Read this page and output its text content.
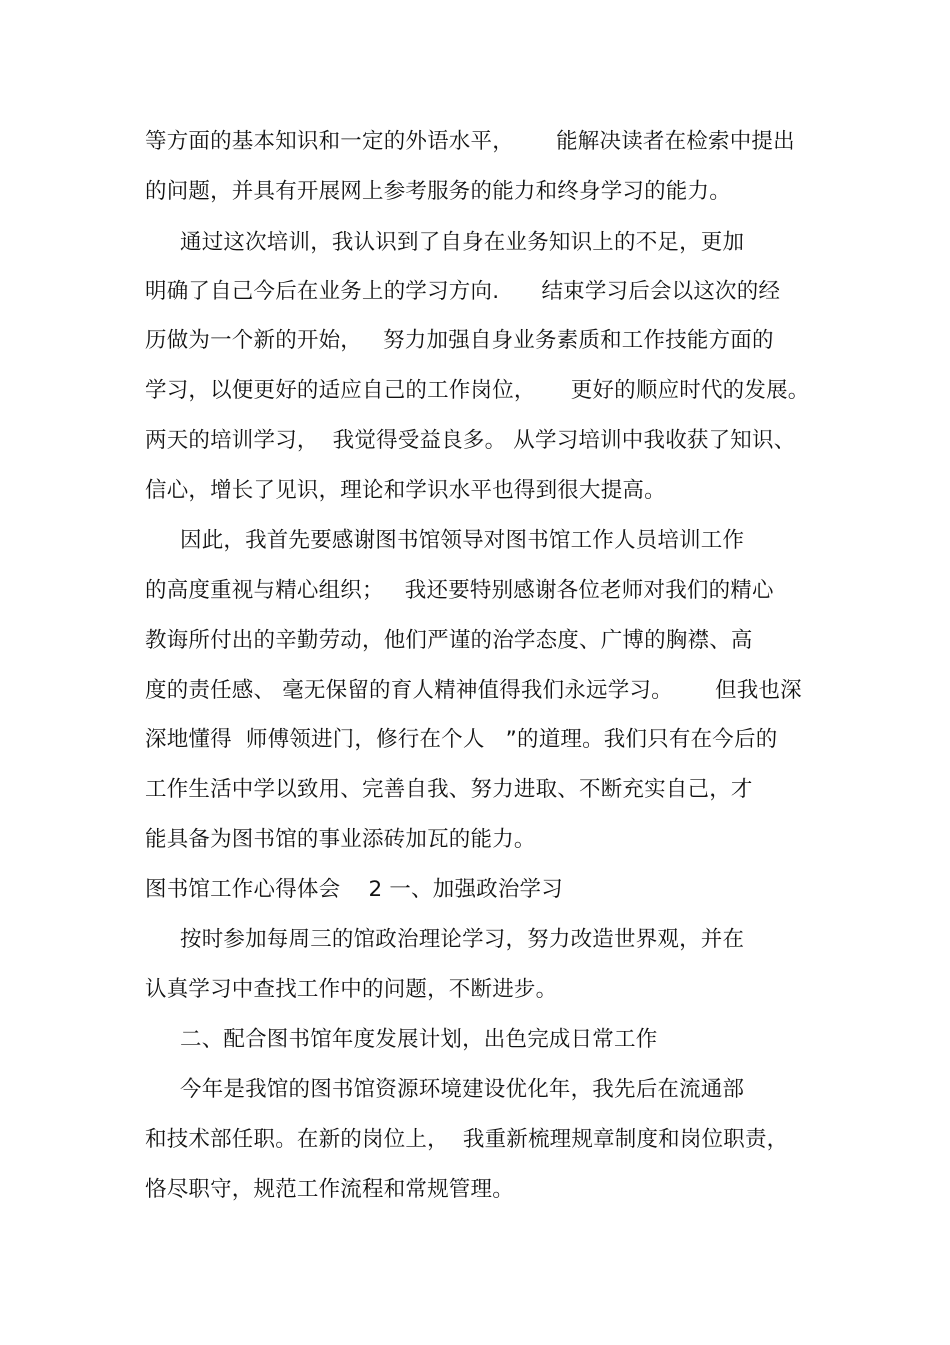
等方面的基本知识和一定的外语水平，      能解决读者在检索中提出
的问题，并具有开展网上参考服务的能力和终身学习的能力。
通过这次培训，我认识到了自身在业务知识上的不足，更加
明确了自己今后在业务上的学习方向.      结束学习后会以这次的经
历做为一个新的开始，   努力加强自身业务素质和工作技能方面的
学习，以便更好的适应自己的工作岗位，     更好的顺应时代的发展。
两天的培训学习，  我觉得受益良多。 从学习培训中我收获了知识、
信心，增长了见识，理论和学识水平也得到很大提高。
因此，我首先要感谢图书馆领导对图书馆工作人员培训工作
的高度重视与精心组织；   我还要特别感谢各位老师对我们的精心
教诲所付出的辛勤劳动，他们严谨的治学态度、广博的胸襟、高
度的责任感、 毫无保留的育人精神值得我们永远学习。      但我也深
深地懂得  师傅领进门，修行在个人   ”的道理。我们只有在今后的
工作生活中学以致用、完善自我、努力进取、不断充实自己，才
能具备为图书馆的事业添砖加瓦的能力。
图书馆工作心得体会    2 一、加强政治学习
按时参加每周三的馆政治理论学习，努力改造世界观，并在
认真学习中查找工作中的问题，不断进步。
二、配合图书馆年度发展计划，出色完成日常工作
今年是我馆的图书馆资源环境建设优化年，我先后在流通部
和技术部任职。在新的岗位上，  我重新梳理规章制度和岗位职责，
恪尽职守，规范工作流程和常规管理。
